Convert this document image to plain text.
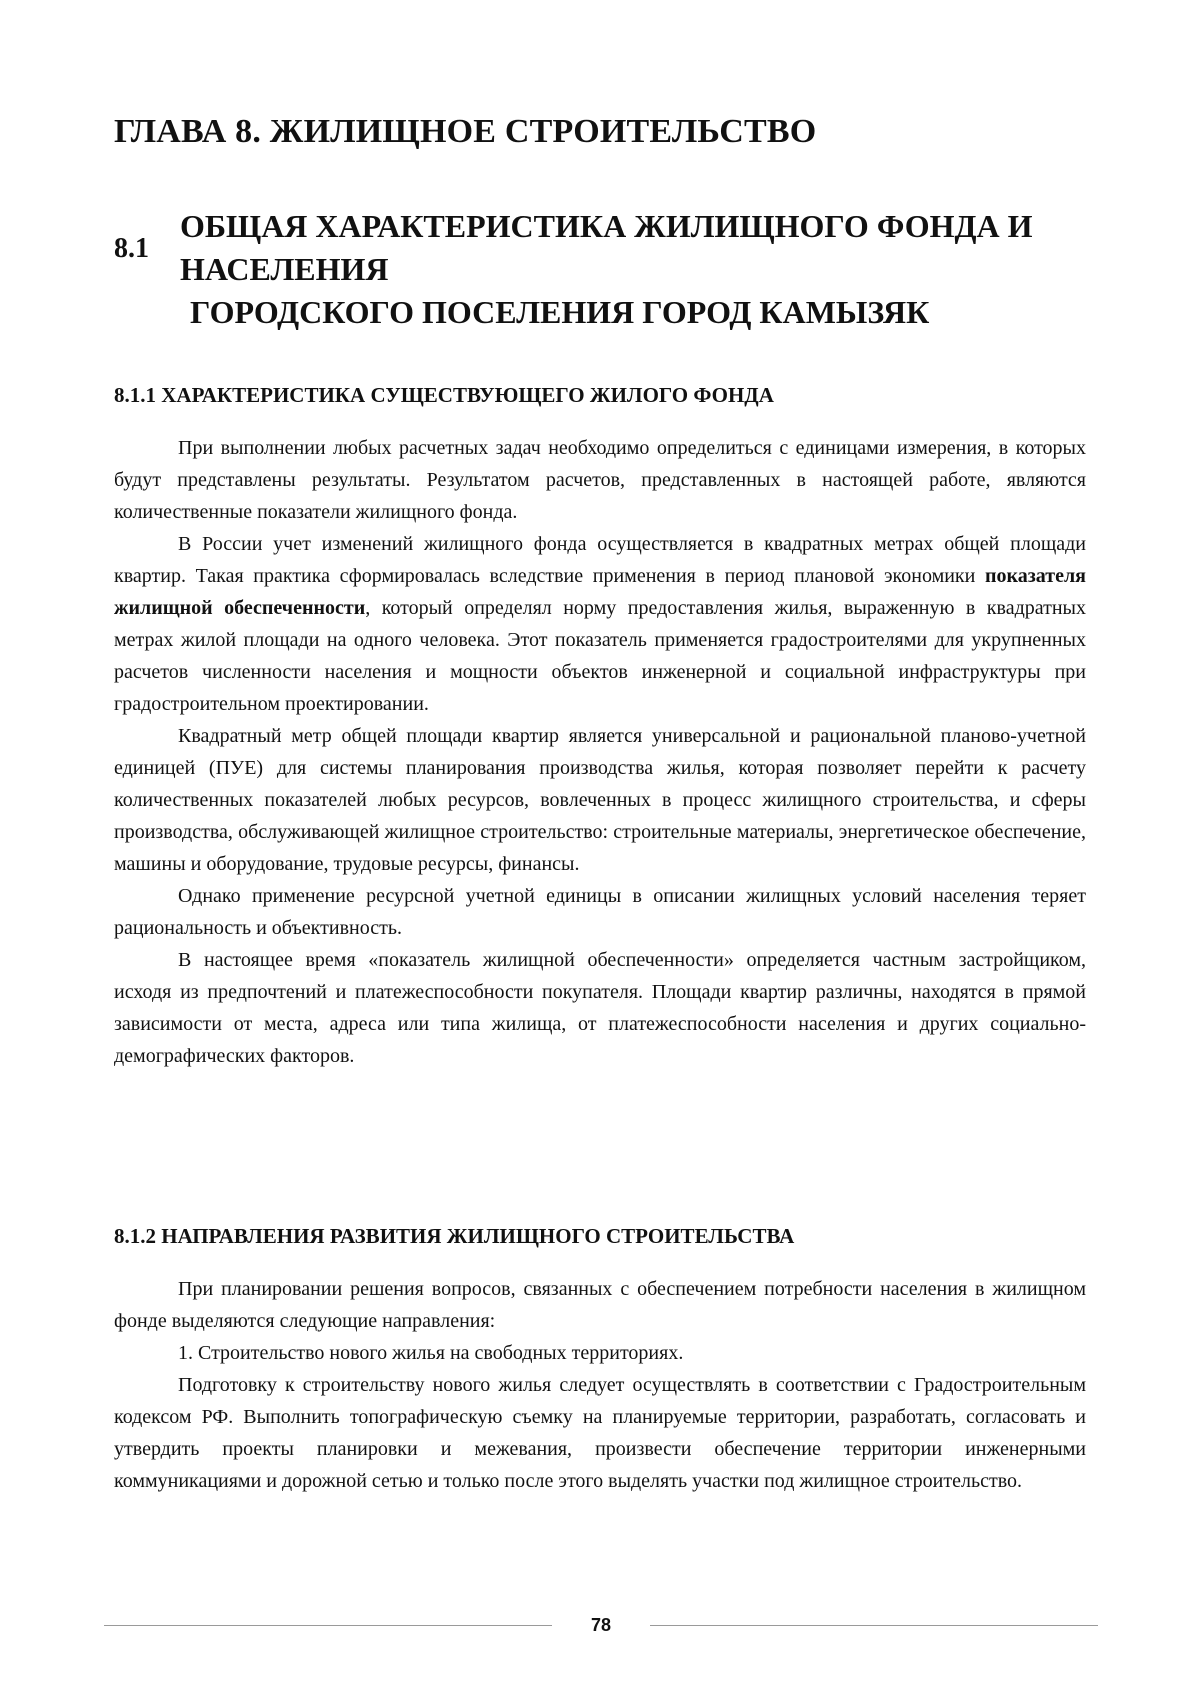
ГЛАВА 8. ЖИЛИЩНОЕ СТРОИТЕЛЬСТВО
8.1
ОБЩАЯ ХАРАКТЕРИСТИКА ЖИЛИЩНОГО ФОНДА И
НАСЕЛЕНИЯ
ГОРОДСКОГО ПОСЕЛЕНИЯ ГОРОД КАМЫЗЯК
8.1.1 ХАРАКТЕРИСТИКА СУЩЕСТВУЮЩЕГО ЖИЛОГО ФОНДА

При выполнении любых расчетных задач необходимо определиться с единицами измерения, в которых будут представлены результаты. Результатом расчетов, представленных в настоящей работе, являются количественные показатели жилищного фонда.

В России учет изменений жилищного фонда осуществляется в квадратных метрах общей площади квартир. Такая практика сформировалась вследствие применения в период плановой экономики показателя жилищной обеспеченности, который определял норму предоставления жилья, выраженную в квадратных метрах жилой площади на одного человека. Этот показатель применяется градостроителями для укрупненных расчетов численности населения и мощности объектов инженерной и социальной инфраструктуры при градостроительном проектировании.

Квадратный метр общей площади квартир является универсальной и рациональной планово-учетной единицей (ПУЕ) для системы планирования производства жилья, которая позволяет перейти к расчету количественных показателей любых ресурсов, вовлеченных в процесс жилищного строительства, и сферы производства, обслуживающей жилищное строительство: строительные материалы, энергетическое обеспечение, машины и оборудование, трудовые ресурсы, финансы.

Однако применение ресурсной учетной единицы в описании жилищных условий населения теряет рациональность и объективность.

В настоящее время «показатель жилищной обеспеченности» определяется частным застройщиком, исходя из предпочтений и платежеспособности покупателя. Площади квартир различны, находятся в прямой зависимости от места, адреса или типа жилища, от платежеспособности населения и других социально-демографических факторов.

8.1.2 НАПРАВЛЕНИЯ РАЗВИТИЯ ЖИЛИЩНОГО СТРОИТЕЛЬСТВА

При планировании решения вопросов, связанных с обеспечением потребности населения в жилищном фонде выделяются следующие направления:

1. Строительство нового жилья на свободных территориях.

Подготовку к строительству нового жилья следует осуществлять в соответствии с Градостроительным кодексом РФ. Выполнить топографическую съемку на планируемые территории, разработать, согласовать и утвердить проекты планировки и межевания, произвести обеспечение территории инженерными коммуникациями и дорожной сетью и только после этого выделять участки под жилищное строительство.

78
